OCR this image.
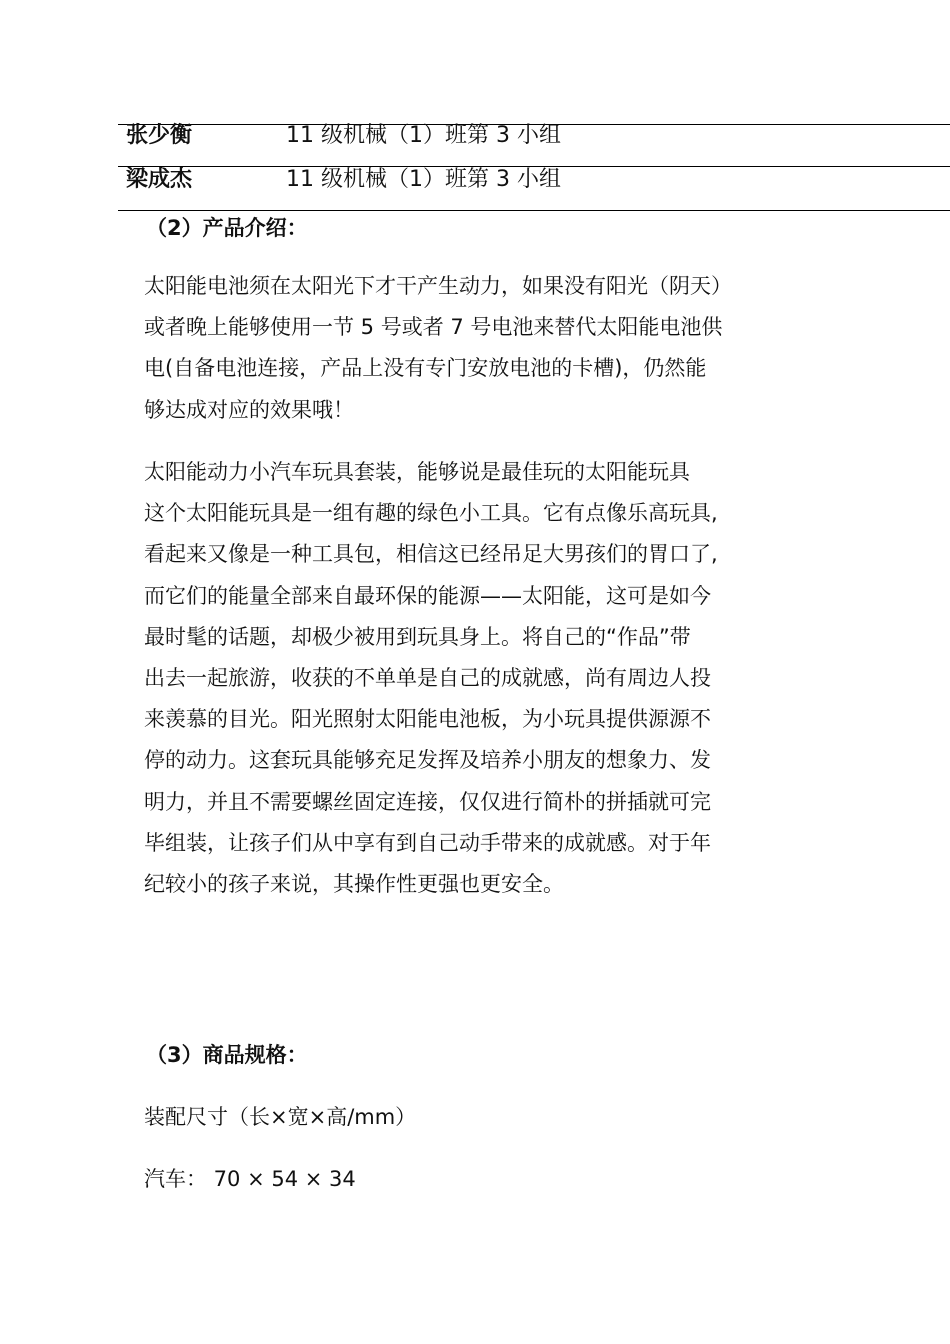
张少衡	11 级机械（1）班第 3 小组
梁成杰	11 级机械（1）班第 3 小组
（2）产品介绍：
太阳能电池须在太阳光下才干产生动力，如果没有阳光（阴天）
或者晚上能够使用一节 5 号或者 7 号电池来替代太阳能电池供
电(自备电池连接，产品上没有专门安放电池的卡槽)，仍然能
够达成对应的效果哦！
太阳能动力小汽车玩具套装，能够说是最佳玩的太阳能玩具
这个太阳能玩具是一组有趣的绿色小工具。它有点像乐高玩具,
看起来又像是一种工具包，相信这已经吊足大男孩们的胃口了,
而它们的能量全部来自最环保的能源——太阳能，这可是如今
最时髦的话题，却极少被用到玩具身上。将自己的“作品”带
出去一起旅游，收获的不单单是自己的成就感，尚有周边人投
来羡慕的目光。阳光照射太阳能电池板，为小玩具提供源源不
停的动力。这套玩具能够充足发挥及培养小朋友的想象力、发
明力，并且不需要螺丝固定连接，仅仅进行简朴的拼插就可完
毕组装，让孩子们从中享有到自己动手带来的成就感。对于年
纪较小的孩子来说，其操作性更强也更安全。
（3）商品规格：
装配尺寸（长×宽×高/mm）
汽车： 70 × 54 × 34
